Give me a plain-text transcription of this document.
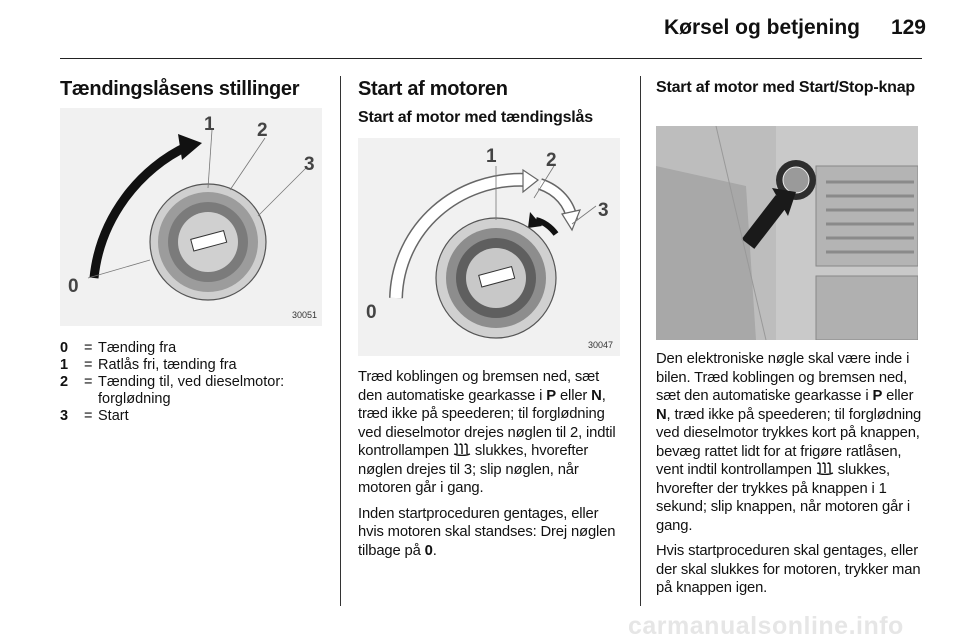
Kørsel og betjening	129
Tændingslåsens stillinger
1 2
3
0
30051
0	= Tænding fra
1	= Ratlås fri, tænding fra
2	= Tænding til, ved dieselmotor: forglødning
3	= Start
Start af motoren
Start af motor med tændingslås
1	2
3
0
30047

Træd koblingen og bremsen ned, sæt den automatiske gearkasse i P eller N, træd ikke på speederen; til forglødning ved dieselmotor drejes nøglen til 2, indtil kontrollampen  slukkes, hvorefter nøglen drejes til 3; slip nøglen, når motoren går i gang.

Inden startproceduren gentages, eller hvis motoren skal standses: Drej nøglen tilbage på 0.

Start af motor med Start/Stop-knap

Den elektroniske nøgle skal være inde i bilen. Træd koblingen og bremsen ned, sæt den automatiske gearkasse i P eller N, træd ikke på speederen; til forglødning ved dieselmotor trykkes kort på knappen, bevæg rattet lidt for at frigøre ratlåsen, vent indtil kontrollampen  slukkes, hvorefter der trykkes på knappen i 1 sekund; slip knappen, når motoren går i gang.

Hvis startproceduren skal gentages, eller der skal slukkes for motoren, trykker man på knappen igen.

carmanualsonline.info
